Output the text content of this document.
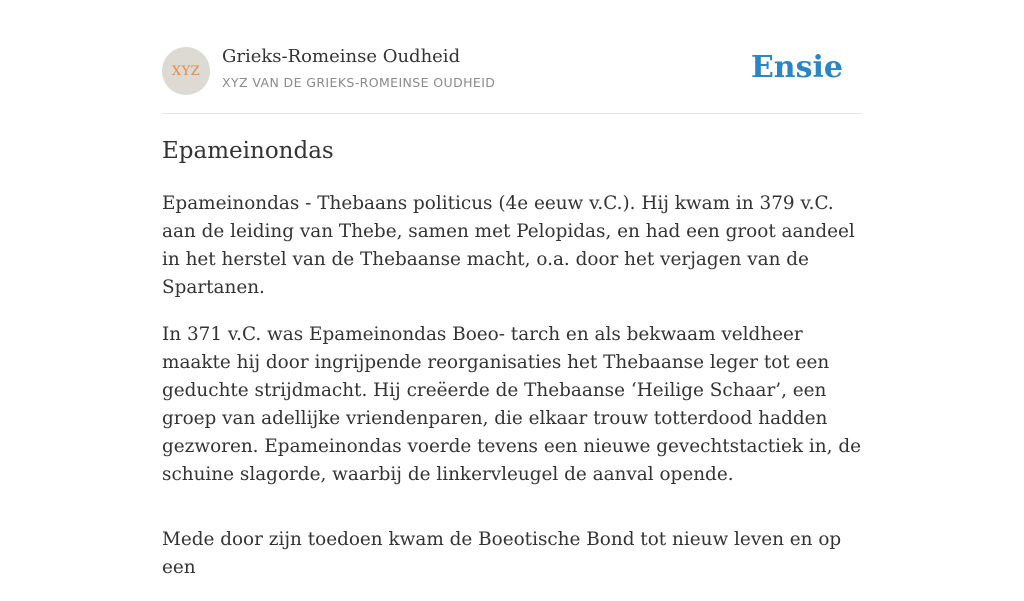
XYZ
Grieks-Romeinse Oudheid
XYZ VAN DE GRIEKS-ROMEINSE OUDHEID	Ensie
Epameinondas

Epameinondas - Thebaans politicus (4e eeuw v.C.). Hij kwam in 379 v.C. aan de leiding van Thebe, samen met Pelopidas, en had een groot aandeel in het herstel van de Thebaanse macht, o.a. door het verjagen van de Spartanen.

In 371 v.C. was Epameinondas Boeo- tarch en als bekwaam veldheer maakte hij door ingrijpende reorganisaties het Thebaanse leger tot een geduchte strijdmacht. Hij creëerde de Thebaanse ‘Heilige Schaar’, een groep van adellijke vriendenparen, die elkaar trouw totterdood hadden gezworen. Epameinondas voerde tevens een nieuwe gevechtstactiek in, de schuine slagorde, waarbij de linkervleugel de aanval opende.

Mede door zijn toedoen kwam de Boeotische Bond tot nieuw leven en op een
